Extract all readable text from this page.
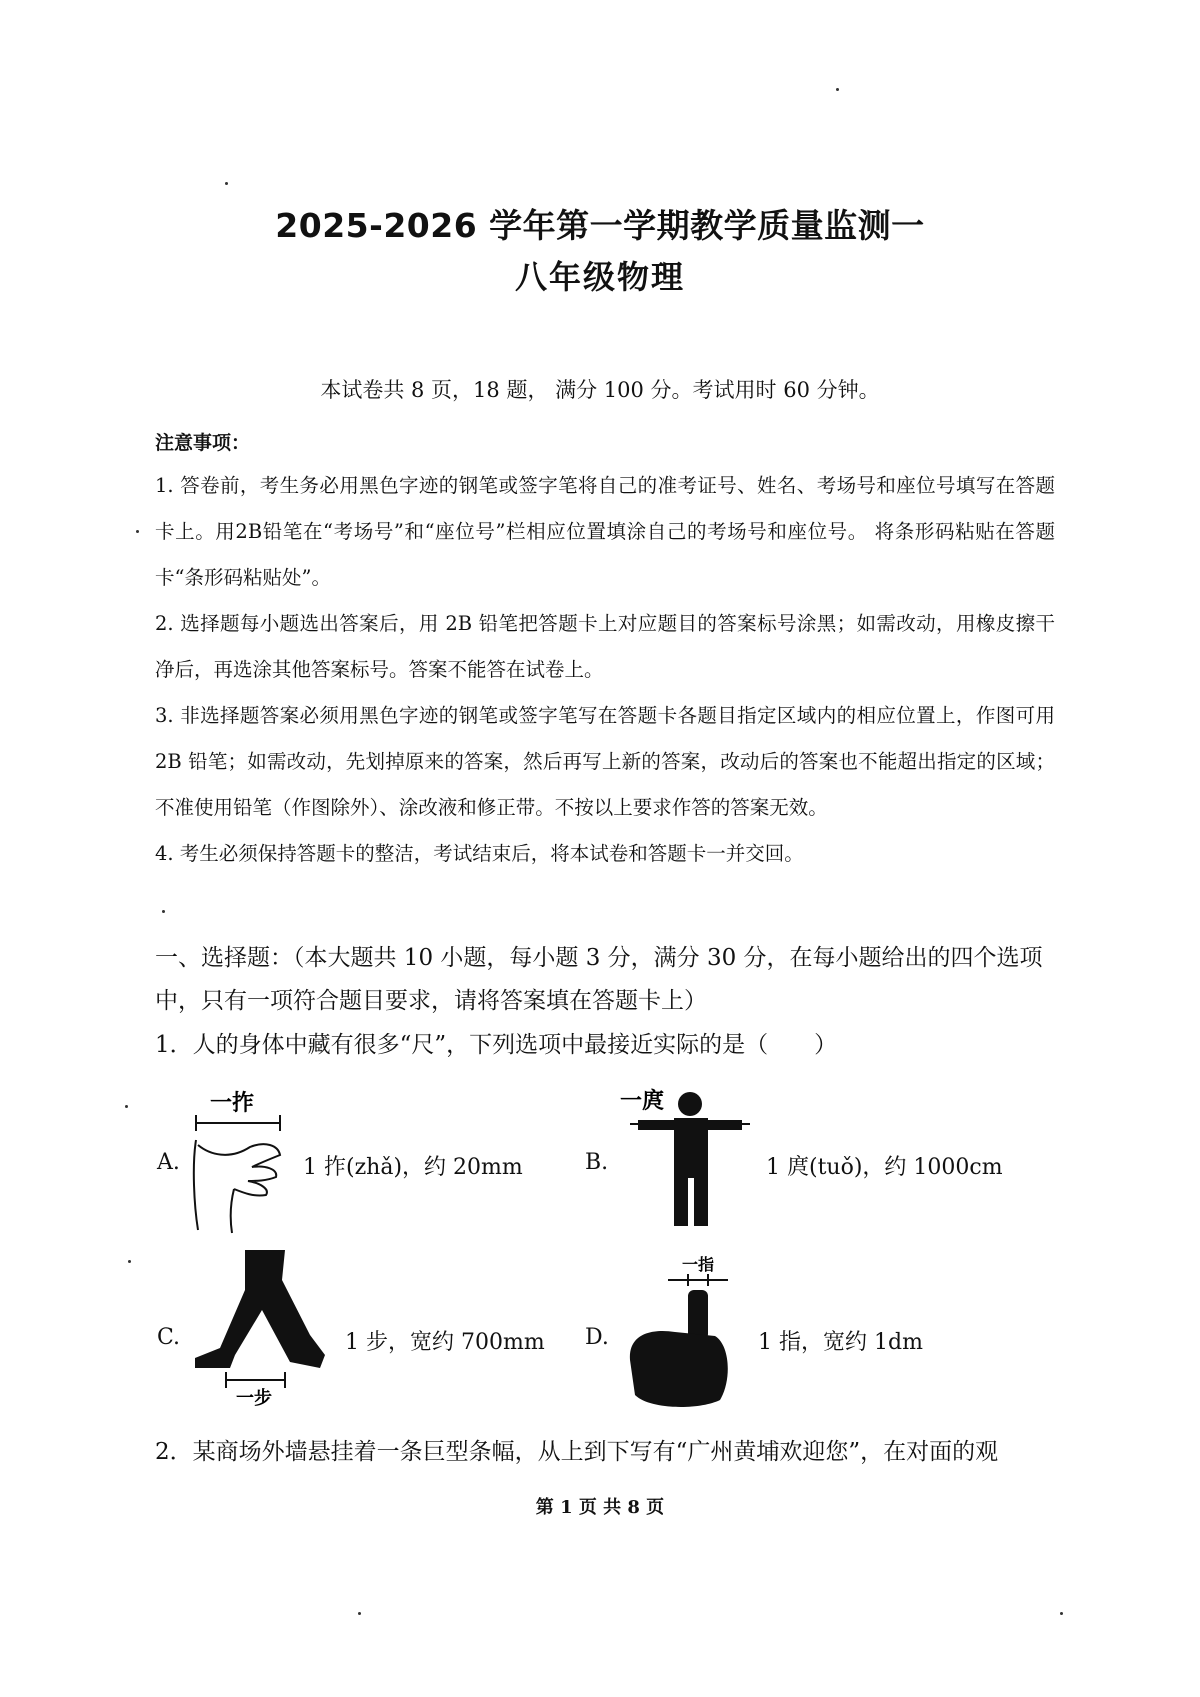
2025-2026 学年第一学期教学质量监测一
八年级物理
本试卷共 8 页，18 题， 满分 100 分。考试用时 60 分钟。
注意事项：
1. 答卷前，考生务必用黑色字迹的钢笔或签字笔将自己的准考证号、姓名、考场号和座位号填写在答题卡上。用2B铅笔在“考场号”和“座位号”栏相应位置填涂自己的考场号和座位号。 将条形码粘贴在答题卡“条形码粘贴处”。
2. 选择题每小题选出答案后，用 2B 铅笔把答题卡上对应题目的答案标号涂黑；如需改动，用橡皮擦干净后，再选涂其他答案标号。答案不能答在试卷上。
3. 非选择题答案必须用黑色字迹的钢笔或签字笔写在答题卡各题目指定区域内的相应位置上，作图可用 2B 铅笔；如需改动，先划掉原来的答案，然后再写上新的答案，改动后的答案也不能超出指定的区域；不准使用铅笔（作图除外）、涂改液和修正带。不按以上要求作答的答案无效。
4. 考生必须保持答题卡的整洁，考试结束后，将本试卷和答题卡一并交回。
一、选择题：（本大题共 10 小题，每小题 3 分，满分 30 分，在每小题给出的四个选项中，只有一项符合题目要求，请将答案填在答题卡上）
1．人的身体中藏有很多“尺”，下列选项中最接近实际的是（　　）
A.
一拃
1 拃(zhǎ)，约 20mm	B.
一庹
1 庹(tuǒ)，约 1000cm
C.
一步
1 步，宽约 700mm D.
一指
1 指，宽约 1dm
2．某商场外墙悬挂着一条巨型条幅，从上到下写有“广州黄埔欢迎您”，在对面的观
第 1 页 共 8 页
